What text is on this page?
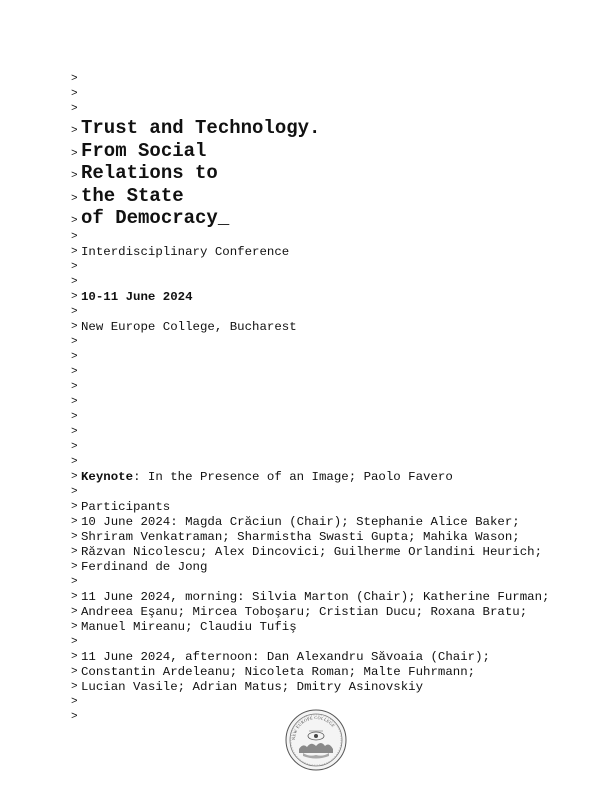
>
>
>
> Trust and Technology.
> From Social
> Relations to
> the State
> of Democracy_
>
> Interdisciplinary Conference
>
>
> 10-11 June 2024
>
> New Europe College, Bucharest
>
>
>
>
>
>
>
>
>
> Keynote: In the Presence of an Image; Paolo Favero
>
> Participants
> 10 June 2024: Magda Crăciun (Chair); Stephanie Alice Baker;
> Shriram Venkatraman; Sharmistha Swasti Gupta; Mahika Wason;
> Răzvan Nicolescu; Alex Dincovici; Guilherme Orlandini Heurich;
> Ferdinand de Jong
>
> 11 June 2024, morning: Silvia Marton (Chair); Katherine Furman;
> Andreea Eşanu; Mircea Toboşaru; Cristian Ducu; Roxana Bratu;
> Manuel Mireanu; Claudiu Tufiş
>
> 11 June 2024, afternoon: Dan Alexandru Săvoaia (Chair);
> Constantin Ardeleanu; Nicoleta Roman; Malte Fuhrmann;
> Lucian Vasile; Adrian Matus; Dmitry Asinovskiy
>
>
NEW EUROPE COLLEGE
